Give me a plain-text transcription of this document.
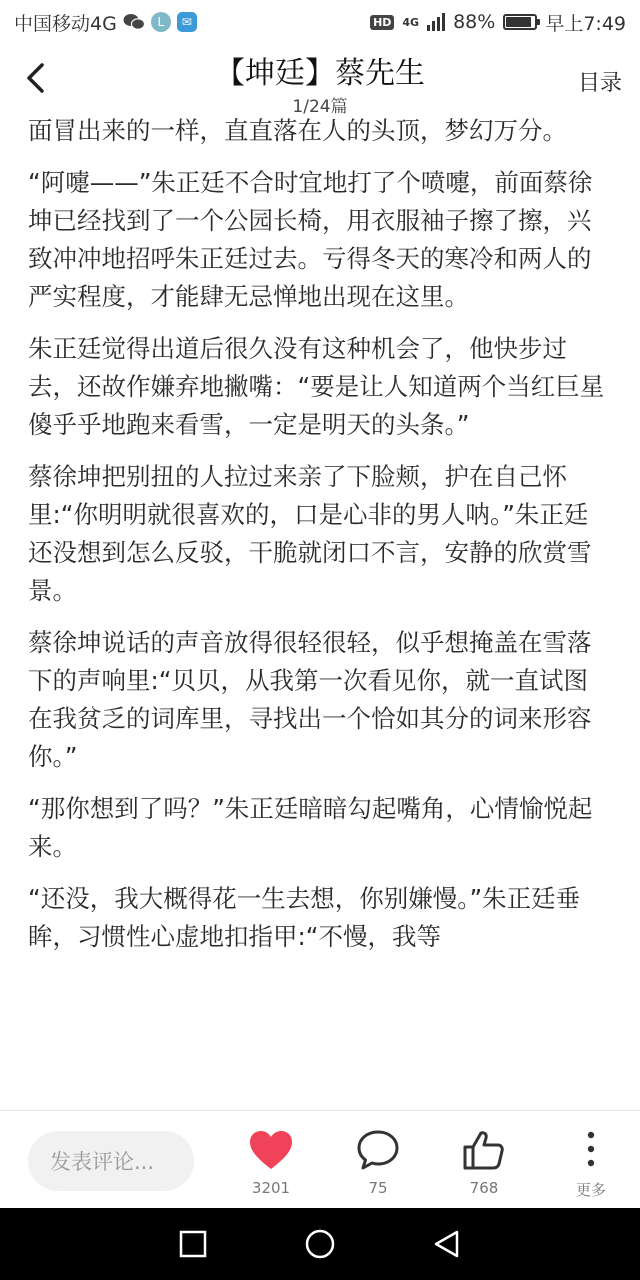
中国移动4G	L	✉	HD 4G 88%	早上7:49
【坤廷】蔡先生
1/24篇
目录

面冒出来的一样，直直落在人的头顶，梦幻万分。

“阿嚏——”朱正廷不合时宜地打了个喷嚏，前面蔡徐坤已经找到了一个公园长椅，用衣服袖子擦了擦，兴致冲冲地招呼朱正廷过去。亏得冬天的寒冷和两人的严实程度，才能肆无忌惮地出现在这里。

朱正廷觉得出道后很久没有这种机会了，他快步过去，还故作嫌弃地撇嘴：“要是让人知道两个当红巨星傻乎乎地跑来看雪，一定是明天的头条。”

蔡徐坤把别扭的人拉过来亲了下脸颊，护在自己怀里:“你明明就很喜欢的，口是心非的男人呐。”朱正廷还没想到怎么反驳，干脆就闭口不言，安静的欣赏雪景。

蔡徐坤说话的声音放得很轻很轻，似乎想掩盖在雪落下的声响里:“贝贝，从我第一次看见你，就一直试图在我贫乏的词库里，寻找出一个恰如其分的词来形容你。”

“那你想到了吗？”朱正廷暗暗勾起嘴角，心情愉悦起来。

“还没，我大概得花一生去想，你别嫌慢。”朱正廷垂眸，习惯性心虚地扣指甲:“不慢，我等

发表评论...
3201	75	768	更多
